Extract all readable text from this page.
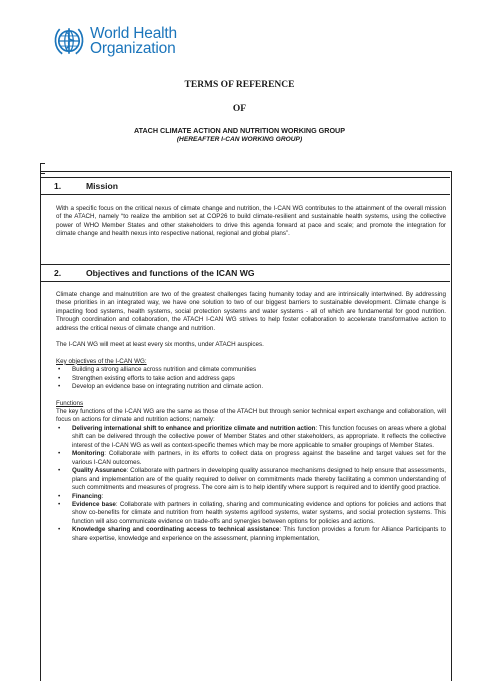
World Health
Organization
TERMS OF REFERENCE
OF
ATACH CLIMATE ACTION AND NUTRITION WORKING GROUP
(HEREAFTER I-CAN WORKING GROUP)
1.	Mission

With a specific focus on the critical nexus of climate change and nutrition, the I-CAN WG contributes to the attainment of the overall mission of the ATACH, namely “to realize the ambition set at COP26 to build climate-resilient and sustainable health systems, using the collective power of WHO Member States and other stakeholders to drive this agenda forward at pace and scale; and promote the integration for climate change and health nexus into respective national, regional and global plans”.

2.	Objectives and functions of the ICAN WG

Climate change and malnutrition are two of the greatest challenges facing humanity today and are intrinsically intertwined. By addressing these priorities in an integrated way, we have one solution to two of our biggest barriers to sustainable development. Climate change is impacting food systems, health systems, social protection systems and water systems - all of which are fundamental for good nutrition. Through coordination and collaboration, the ATACH I-CAN WG strives to help foster collaboration to accelerate transformative action to address the critical nexus of climate change and nutrition.

The I-CAN WG will meet at least every six months, under ATACH auspices.

Key objectives of the I-CAN WG:
• Building a strong alliance across nutrition and climate communities
• Strengthen existing efforts to take action and address gaps
• Develop an evidence base on integrating nutrition and climate action.
Functions
The key functions of the I-CAN WG are the same as those of the ATACH but through senior technical expert exchange and collaboration, will focus on actions for climate and nutrition actions; namely:
• Delivering international shift to enhance and prioritize climate and nutrition action: This function focuses on areas where a global shift can be delivered through the collective power of Member States and other stakeholders, as appropriate. It reflects the collective interest of the I-CAN WG as well as context-specific themes which may be more applicable to smaller groupings of Member States.
• Monitoring: Collaborate with partners, in its efforts to collect data on progress against the baseline and target values set for the various I-CAN outcomes.
• Quality Assurance: Collaborate with partners in developing quality assurance mechanisms designed to help ensure that assessments, plans and implementation are of the quality required to deliver on commitments made thereby facilitating a common understanding of such commitments and measures of progress. The core aim is to help identify where support is required and to identify good practice.
• Financing:
• Evidence base: Collaborate with partners in collating, sharing and communicating evidence and options for policies and actions that show co-benefits for climate and nutrition from health systems agrifood systems, water systems, and social protection systems. This function will also communicate evidence on trade-offs and synergies between options for policies and actions.
• Knowledge sharing and coordinating access to technical assistance: This function provides a forum for Alliance Participants to share expertise, knowledge and experience on the assessment, planning implementation,
